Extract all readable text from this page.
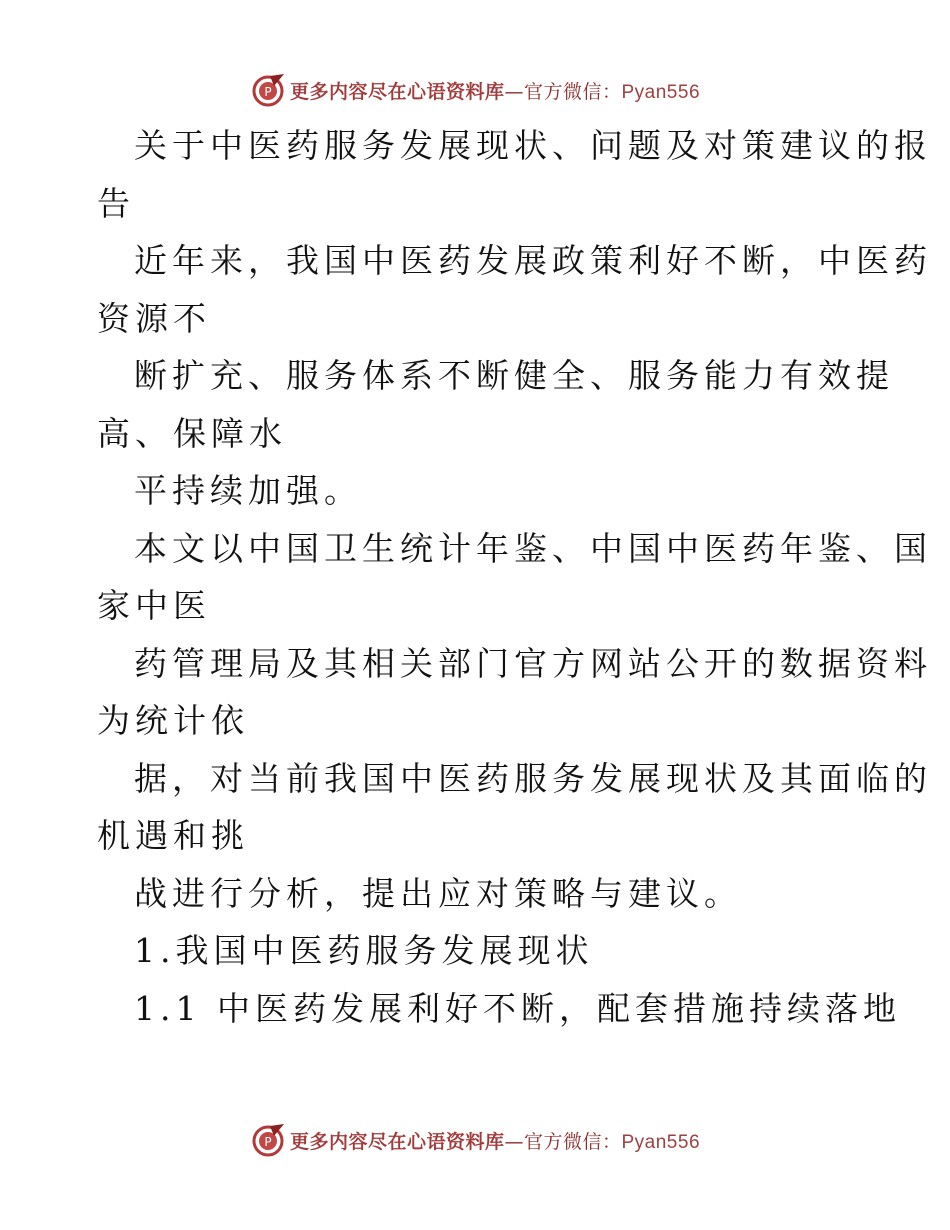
P 更多内容尽在心语资料库—官方微信：Pyan556
关于中医药服务发展现状、问题及对策建议的报
告
近年来，我国中医药发展政策利好不断，中医药
资源不
断扩充、服务体系不断健全、服务能力有效提
高、保障水
平持续加强。
本文以中国卫生统计年鉴、中国中医药年鉴、国
家中医
药管理局及其相关部门官方网站公开的数据资料
为统计依
据，对当前我国中医药服务发展现状及其面临的
机遇和挑
战进行分析，提出应对策略与建议。
1.我国中医药服务发展现状
1.1 中医药发展利好不断，配套措施持续落地
P 更多内容尽在心语资料库—官方微信：Pyan556
